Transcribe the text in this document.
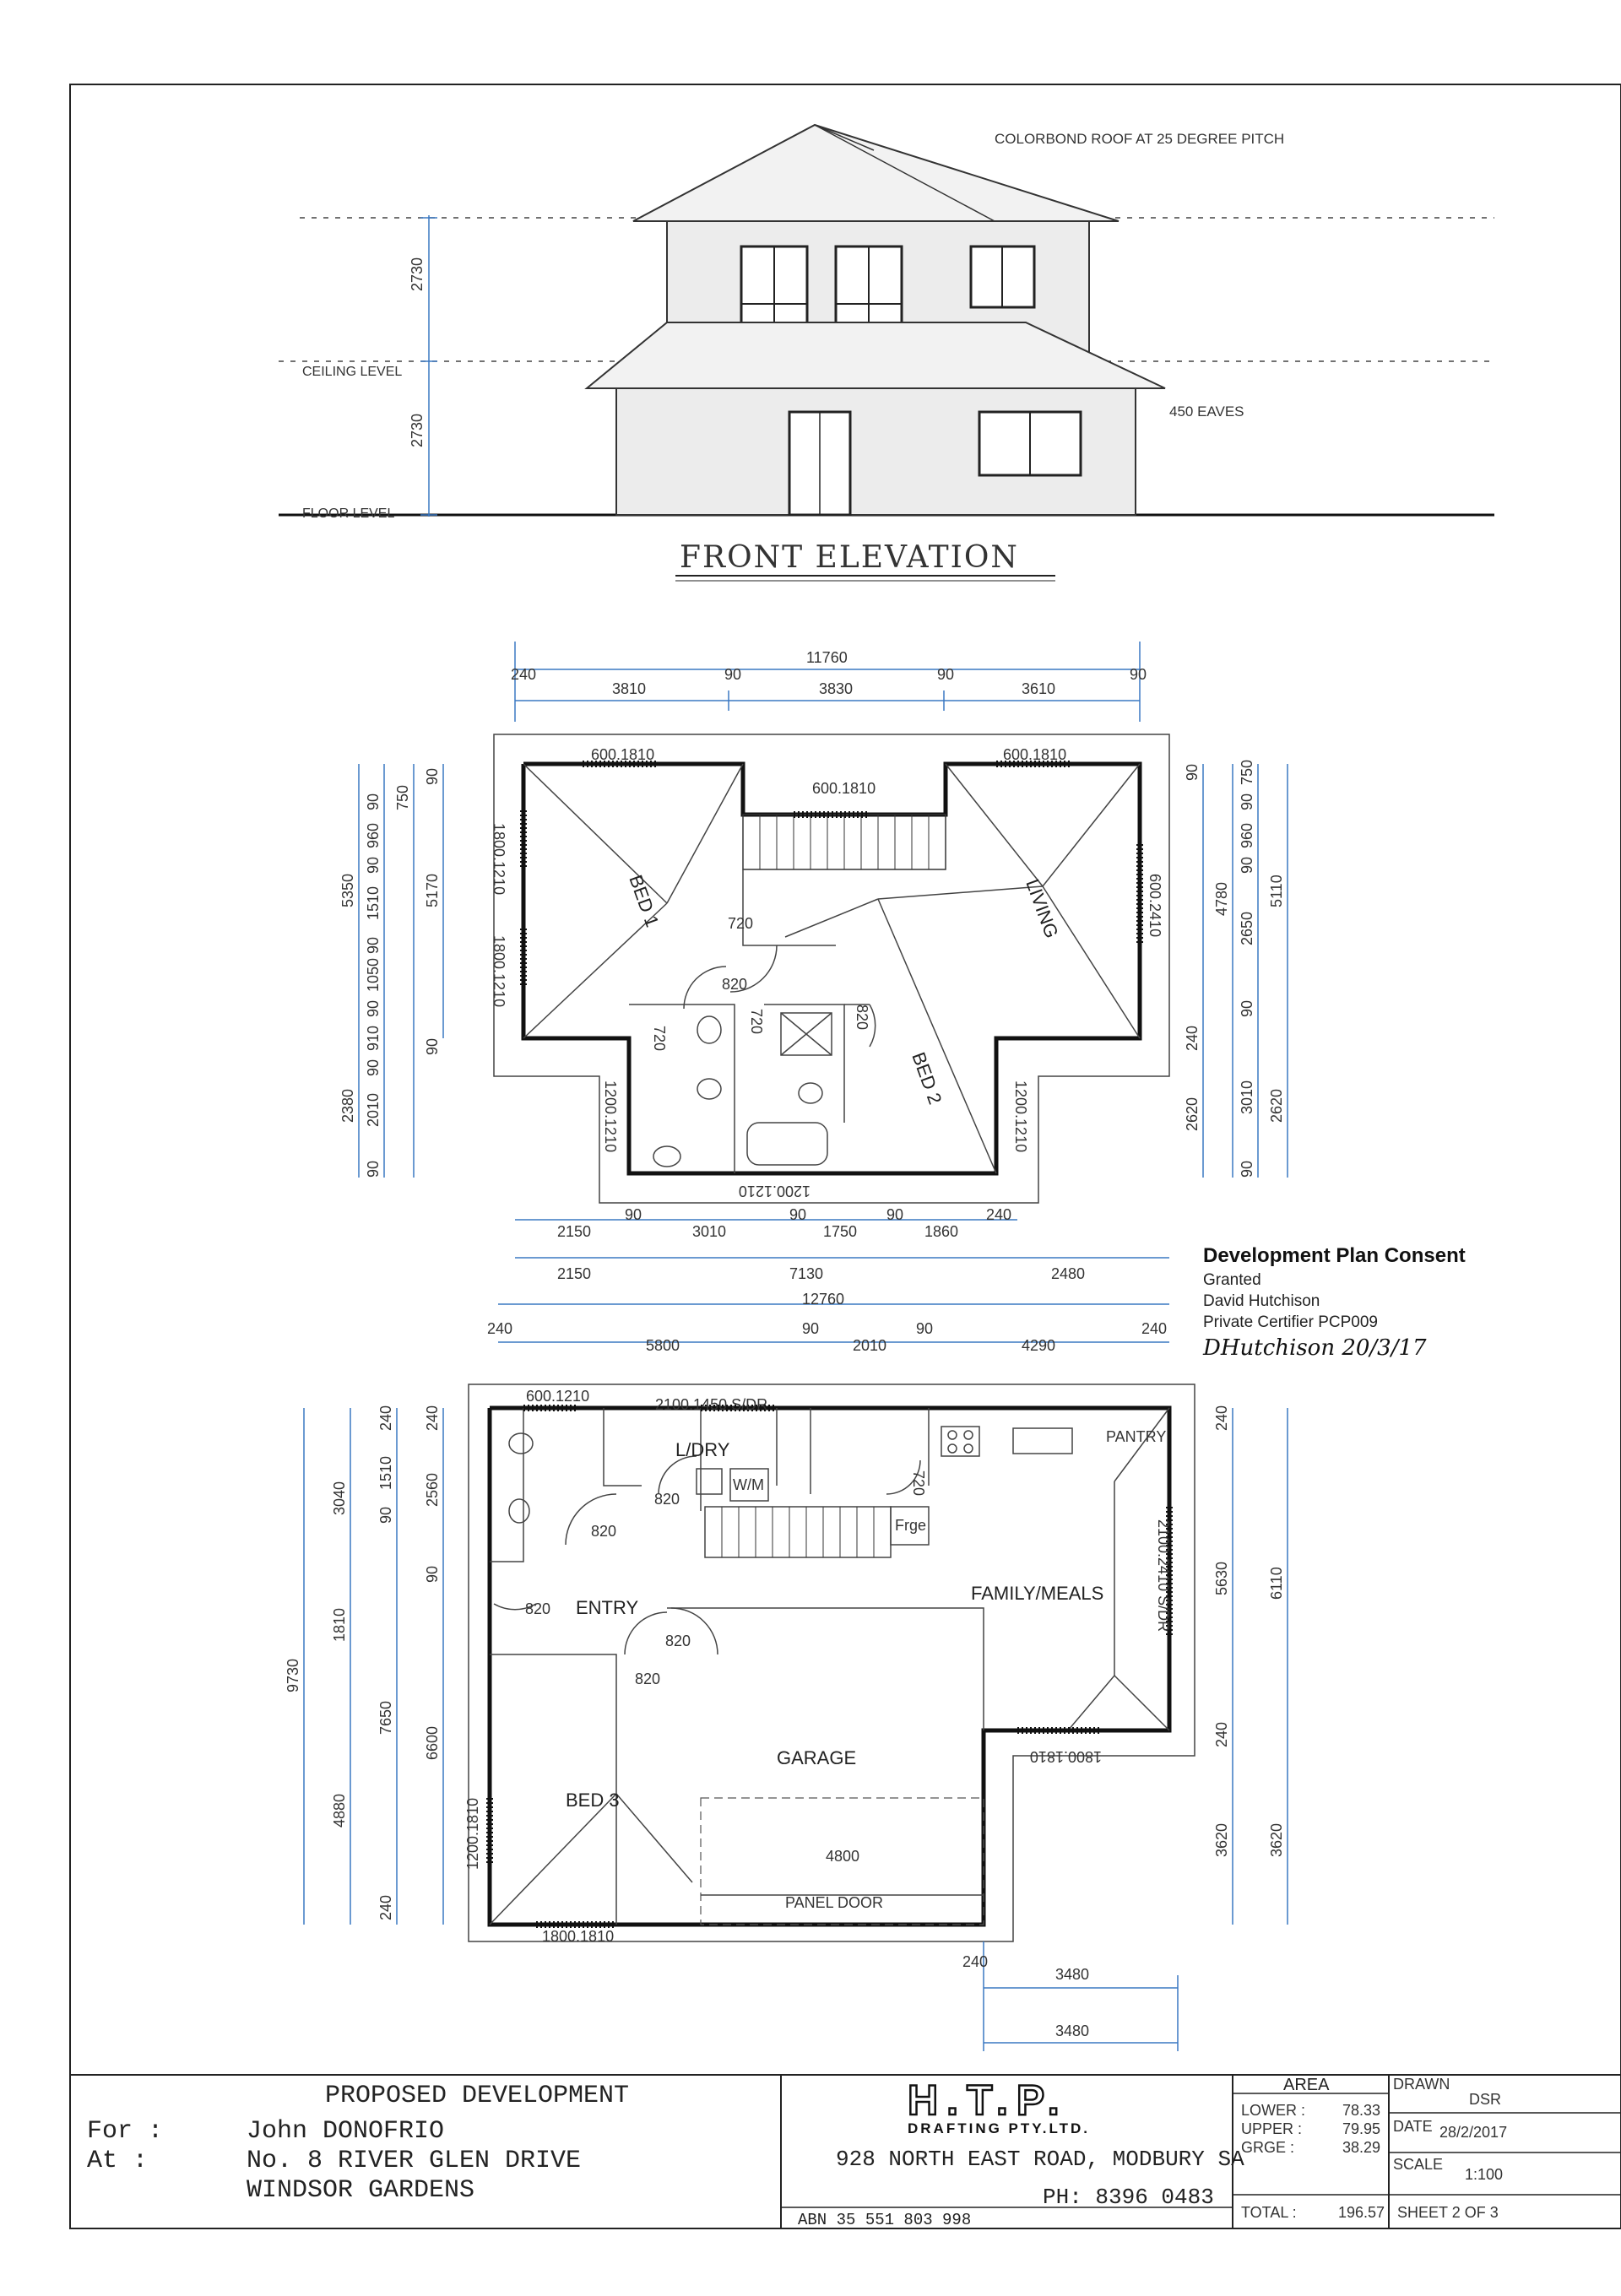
2730
2730
CEILING LEVEL
FLOOR LEVEL
COLORBOND ROOF AT 25 DEGREE PITCH
450 EAVES
FRONT ELEVATION
11760
240
3810
90
3830
90
3610
90
600.1810
600.1810
600.1810
1800.1210
1800.1210
600.2410
1200.1210	1200.1210
1200.1210
BED 1	LIVING
BED 2
720
820
720
720	820
5350
2380
90
960
90
1510
90
1050
90
910
90
2010
90
750
90
5170
90
90
240
2620
4780
90
960
90
2650
90
3010
90
750
5110
2620
2150
90
3010
90
1750
90
1860
240
2150	7130	2480
Development Plan Consent
Granted
David Hutchison
Private Certifier PCP009
DHutchison 20/3/17
12760
240
5800
90
2010
90
4290
240
600.1210	2100.1450 S/DR
2100.2410 S/DR
1800.1810
1200.1810
1800.1810
L/DRY
FAMILY/MEALS
ENTRY
GARAGE
BED 3
PANTRY
W/M
Frge
PANEL DOOR
4800
820
820
720
820
820
820
9730
3040
1810
4880
240
1510
90
7650
240
240
2560
90
6600
240
5630
240
3620
6110
3620
240
3480
3480
PROPOSED DEVELOPMENT
For :
At :
John DONOFRIO
No. 8 RIVER GLEN DRIVE
WINDSOR GARDENS
H.T.P.
DRAFTING PTY.LTD.
928 NORTH EAST ROAD, MODBURY SA
ABN 35 551 803 998
PH: 8396 0483
AREA
LOWER : 78.33
UPPER :	79.95
GRGE :	38.29
TOTAL :	196.57
DRAWN
DSR
DATE 28/2/2017
SCALE
1:100
SHEET 2 OF 3
